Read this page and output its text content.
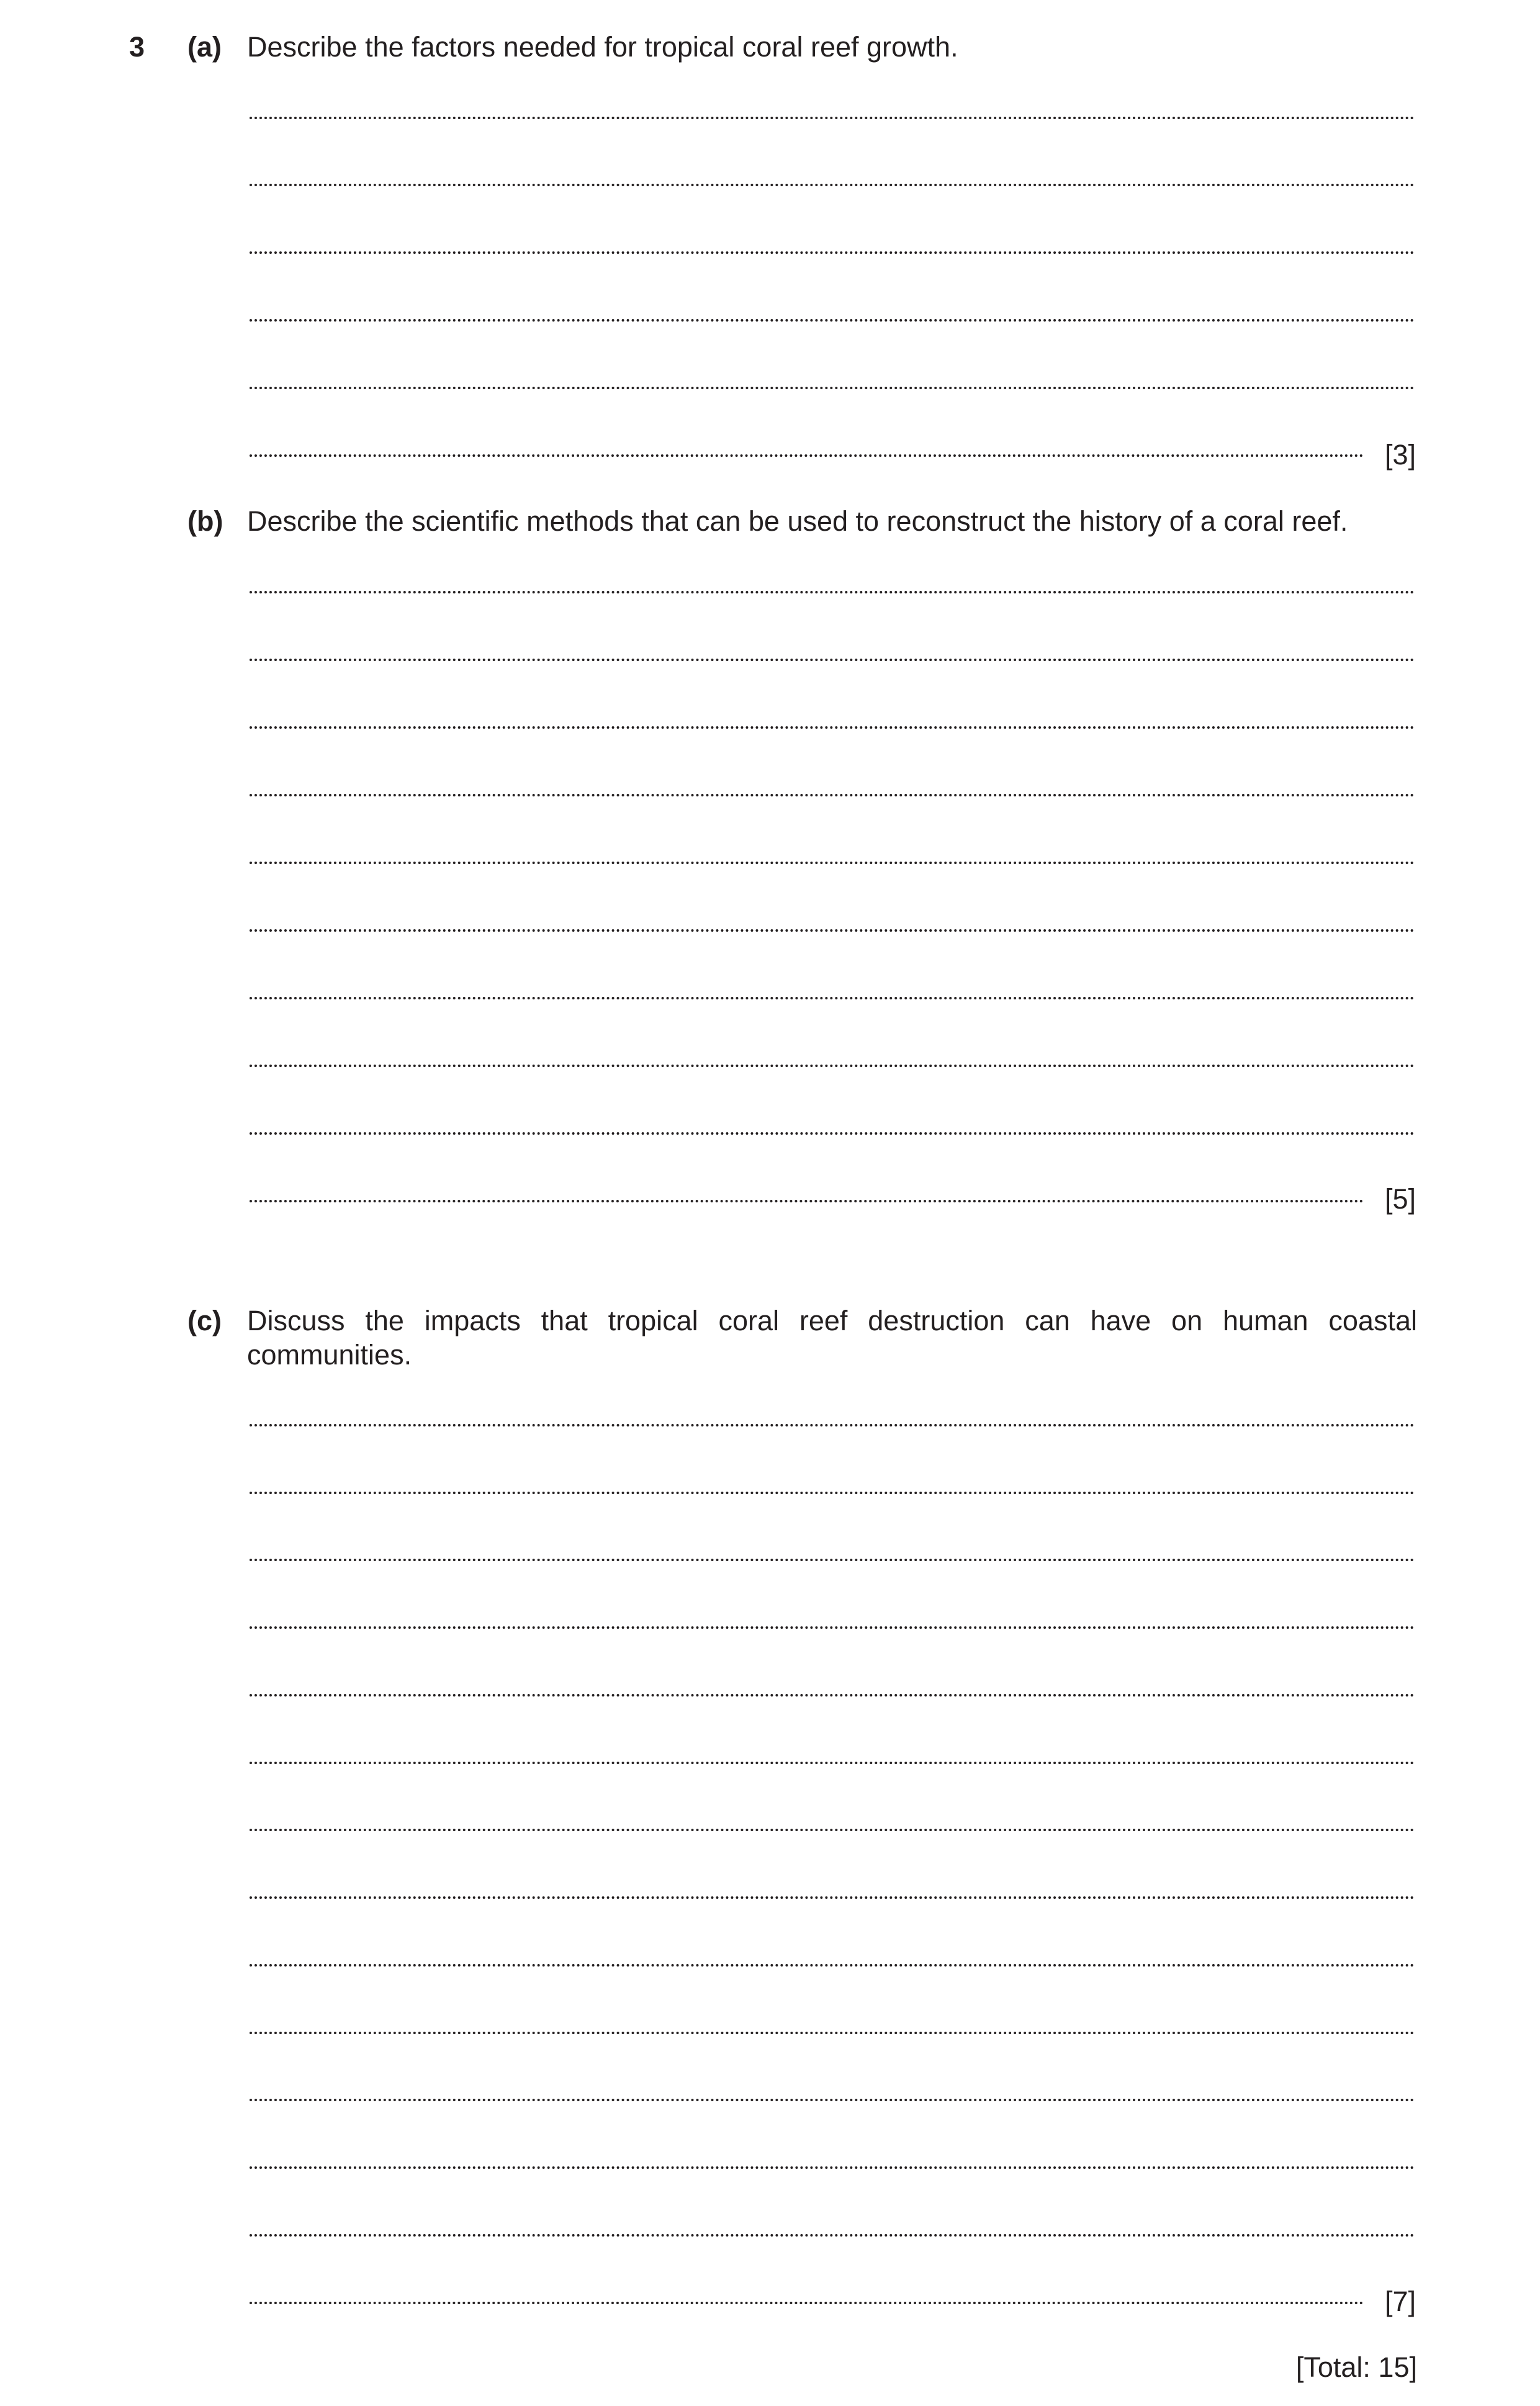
3 (a) Describe the factors needed for tropical coral reef growth.
[3]
(b) Describe the scientific methods that can be used to reconstruct the history of a coral reef.
[5]
(c) Discuss the impacts that tropical coral reef destruction can have on human coastal communities.
[7]
[Total: 15]
